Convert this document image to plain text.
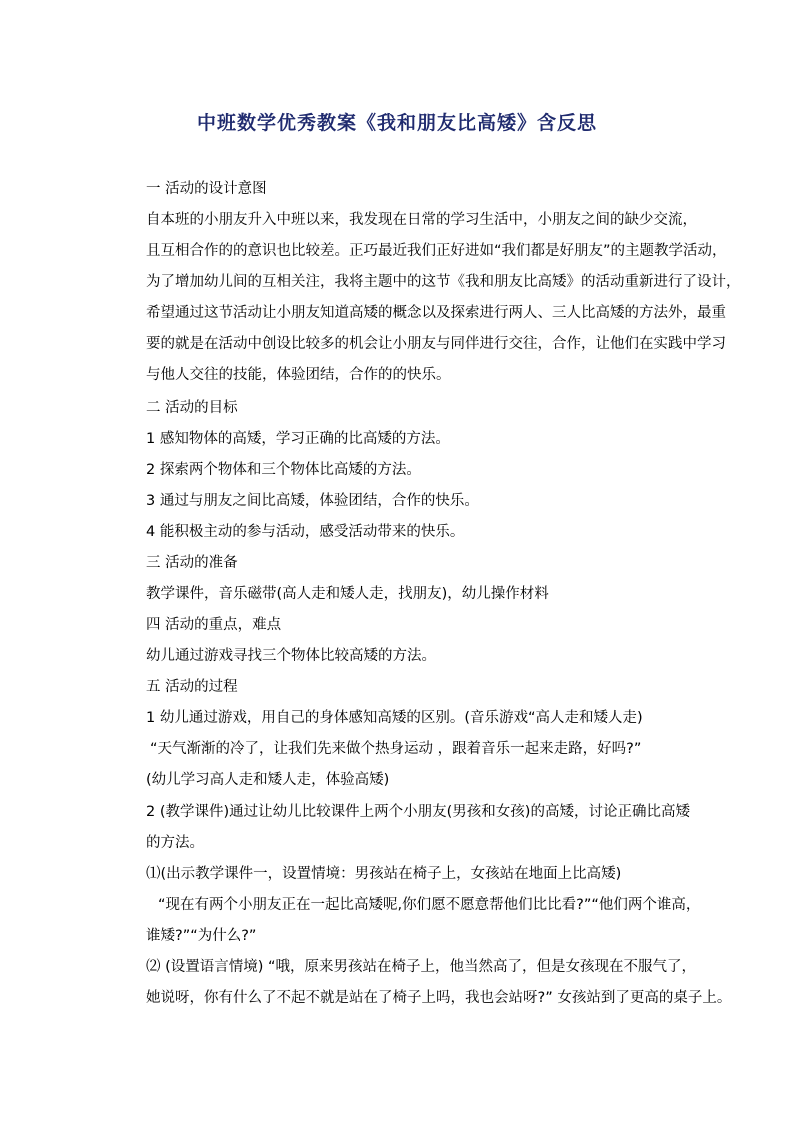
中班数学优秀教案《我和朋友比高矮》含反思
一 活动的设计意图
自本班的小朋友升入中班以来，我发现在日常的学习生活中，小朋友之间的缺少交流，
且互相合作的的意识也比较差。正巧最近我们正好进如“我们都是好朋友”的主题教学活动，
为了增加幼儿间的互相关注，我将主题中的这节《我和朋友比高矮》的活动重新进行了设计，
希望通过这节活动让小朋友知道高矮的概念以及探索进行两人、三人比高矮的方法外，最重
要的就是在活动中创设比较多的机会让小朋友与同伴进行交往，合作，让他们在实践中学习
与他人交往的技能，体验团结，合作的的快乐。
二 活动的目标
1 感知物体的高矮，学习正确的比高矮的方法。
2 探索两个物体和三个物体比高矮的方法。
3 通过与朋友之间比高矮，体验团结，合作的快乐。
4 能积极主动的参与活动，感受活动带来的快乐。
三 活动的准备
教学课件，音乐磁带(高人走和矮人走，找朋友)，幼儿操作材料
四 活动的重点，难点
幼儿通过游戏寻找三个物体比较高矮的方法。
五 活动的过程
1 幼儿通过游戏，用自己的身体感知高矮的区别。(音乐游戏“高人走和矮人走)
“天气渐渐的冷了，让我们先来做个热身运动 ，跟着音乐一起来走路，好吗?”
(幼儿学习高人走和矮人走，体验高矮)
2 (教学课件)通过让幼儿比较课件上两个小朋友(男孩和女孩)的高矮，讨论正确比高矮
的方法。
⑴(出示教学课件一，设置情境：男孩站在椅子上，女孩站在地面上比高矮)
“现在有两个小朋友正在一起比高矮呢,你们愿不愿意帮他们比比看?”“他们两个谁高，
谁矮?”“为什么?”
⑵ (设置语言情境) “哦，原来男孩站在椅子上，他当然高了，但是女孩现在不服气了，
她说呀，你有什么了不起不就是站在了椅子上吗，我也会站呀?” 女孩站到了更高的桌子上。
